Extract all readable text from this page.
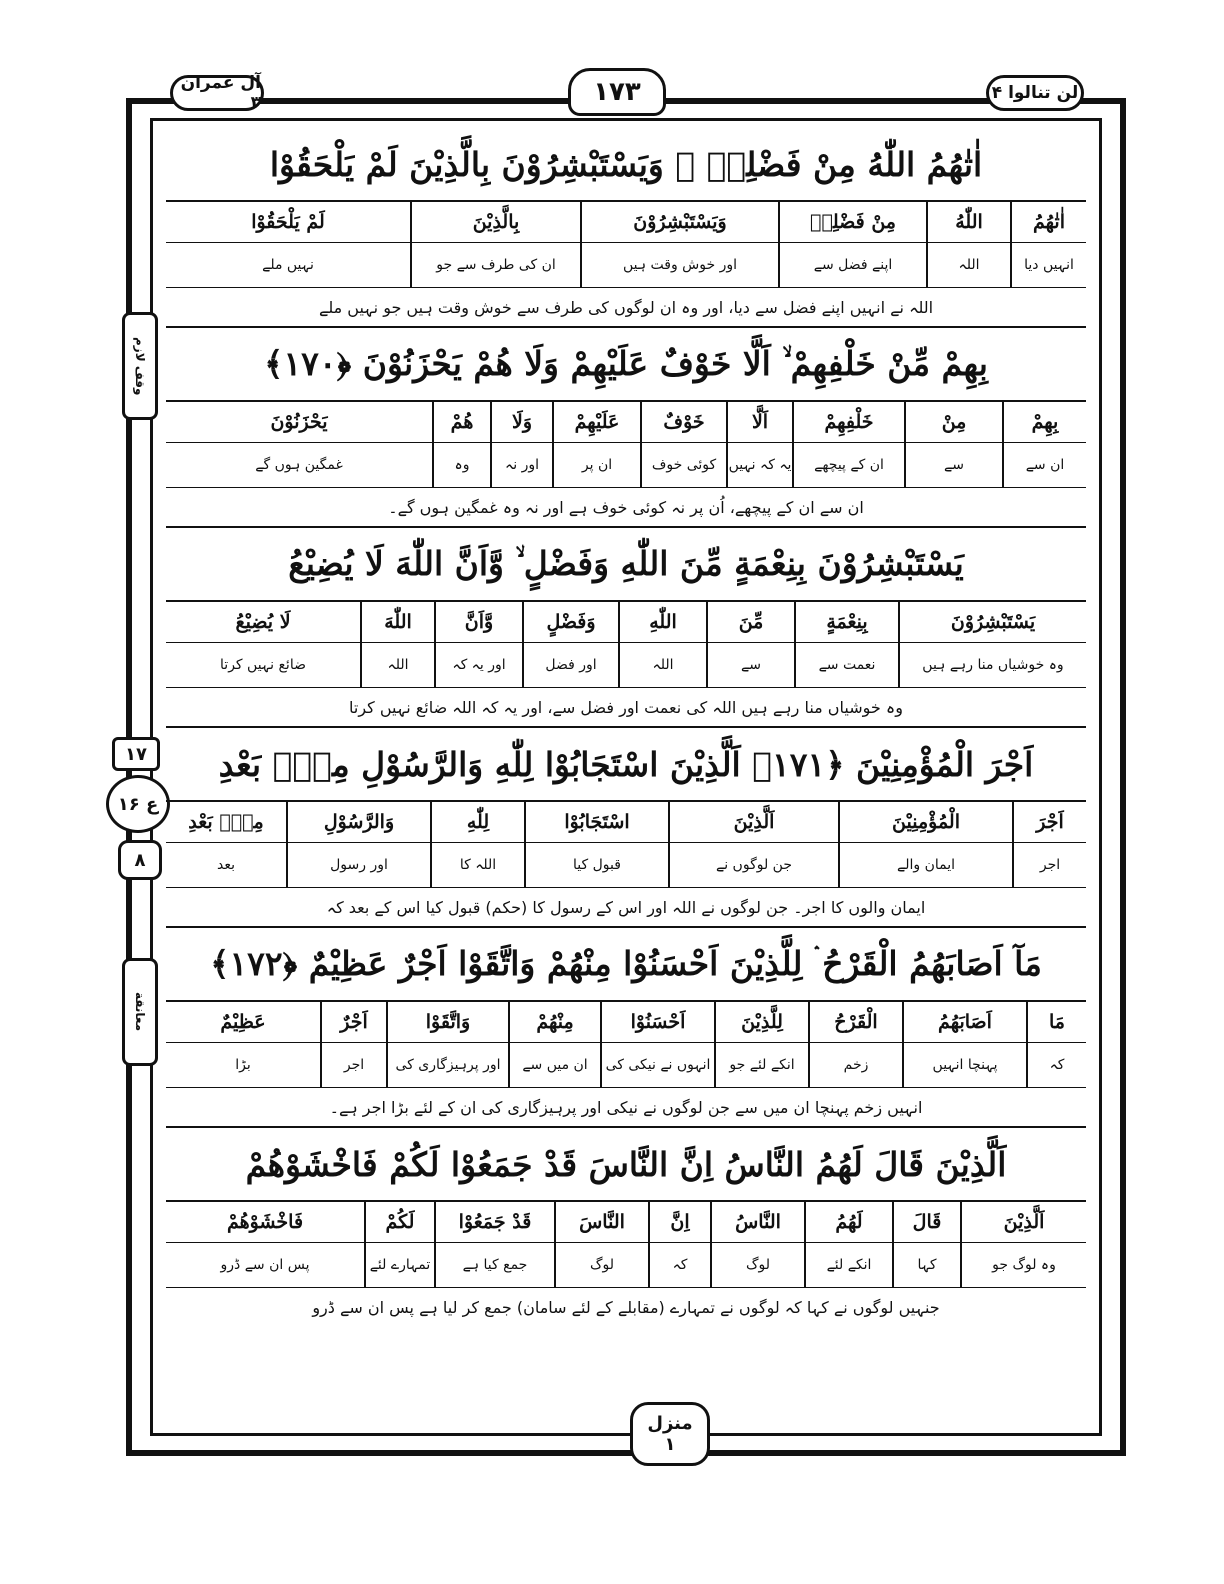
آل عمران ۳	۱۷۳	لن تنالوا ۴
وقف لازم
۱۷
ع ۱۶
۸
معانقة
اٰتٰهُمُ اللّٰهُ مِنْ فَضْلِهٖ ۙ وَيَسْتَبْشِرُوْنَ بِالَّذِيْنَ لَمْ يَلْحَقُوْا
اٰتٰهُمُ
اللّٰهُ
مِنْ فَضْلِهٖ
وَيَسْتَبْشِرُوْنَ
بِالَّذِيْنَ
لَمْ يَلْحَقُوْا
انہیں دیا
اللہ
اپنے فضل سے
اور خوش وقت ہیں
ان کی طرف سے جو
نہیں ملے
اللہ نے انہیں اپنے فضل سے دیا، اور وہ ان لوگوں کی طرف سے خوش وقت ہیں جو نہیں ملے
بِهِمْ مِّنْ خَلْفِهِمْ ۙ اَلَّا خَوْفٌ عَلَيْهِمْ وَلَا هُمْ يَحْزَنُوْنَ ﴿۱۷۰﴾
بِهِمْ
مِنْ
خَلْفِهِمْ
اَلَّا
خَوْفٌ
عَلَيْهِمْ
وَلَا
هُمْ
يَحْزَنُوْنَ
ان سے
سے
ان کے پیچھے
یہ کہ نہیں
کوئی خوف
ان پر
اور نہ
وہ
غمگین ہوں گے
ان سے ان کے پیچھے، اُن پر نہ کوئی خوف ہے اور نہ وہ غمگین ہوں گے۔
يَسْتَبْشِرُوْنَ بِنِعْمَةٍ مِّنَ اللّٰهِ وَفَضْلٍ ۙ وَّاَنَّ اللّٰهَ لَا يُضِيْعُ
يَسْتَبْشِرُوْنَ
بِنِعْمَةٍ
مِّنَ
اللّٰهِ
وَفَضْلٍ
وَّاَنَّ
اللّٰهَ
لَا يُضِيْعُ
وہ خوشیاں منا رہے ہیں
نعمت سے
سے
اللہ
اور فضل
اور یہ کہ
اللہ
ضائع نہیں کرتا
وہ خوشیاں منا رہے ہیں اللہ کی نعمت اور فضل سے، اور یہ کہ اللہ ضائع نہیں کرتا
اَجْرَ الْمُؤْمِنِيْنَ ﴿۱۷۱﴾ اَلَّذِيْنَ اسْتَجَابُوْا لِلّٰهِ وَالرَّسُوْلِ مِنْۢ بَعْدِ
اَجْرَ
الْمُؤْمِنِيْنَ
اَلَّذِيْنَ
اسْتَجَابُوْا
لِلّٰهِ
وَالرَّسُوْلِ
مِنْۢ بَعْدِ
اجر
ایمان والے
جن لوگوں نے
قبول کیا
اللہ کا
اور رسول
بعد
ایمان والوں کا اجر۔ جن لوگوں نے اللہ اور اس کے رسول کا (حکم) قبول کیا اس کے بعد کہ
مَآ اَصَابَهُمُ الْقَرْحُ ۛ لِلَّذِيْنَ اَحْسَنُوْا مِنْهُمْ وَاتَّقَوْا اَجْرٌ عَظِيْمٌ ﴿۱۷۲﴾
مَا
اَصَابَهُمُ
الْقَرْحُ
لِلَّذِيْنَ
اَحْسَنُوْا
مِنْهُمْ
وَاتَّقَوْا
اَجْرٌ
عَظِيْمٌ
کہ
پہنچا انہیں
زخم
انکے لئے جو
انہوں نے نیکی کی
ان میں سے
اور پرہیزگاری کی
اجر
بڑا
انہیں زخم پہنچا ان میں سے جن لوگوں نے نیکی اور پرہیزگاری کی ان کے لئے بڑا اجر ہے۔
اَلَّذِيْنَ قَالَ لَهُمُ النَّاسُ اِنَّ النَّاسَ قَدْ جَمَعُوْا لَكُمْ فَاخْشَوْهُمْ
اَلَّذِيْنَ
قَالَ
لَهُمُ
النَّاسُ
اِنَّ
النَّاسَ
قَدْ جَمَعُوْا
لَكُمْ
فَاخْشَوْهُمْ
وہ لوگ جو
کہا
انکے لئے
لوگ
کہ
لوگ
جمع کیا ہے
تمہارے لئے
پس ان سے ڈرو
جنہیں لوگوں نے کہا کہ لوگوں نے تمہارے (مقابلے کے لئے سامان) جمع کر لیا ہے پس ان سے ڈرو
منزل
۱
